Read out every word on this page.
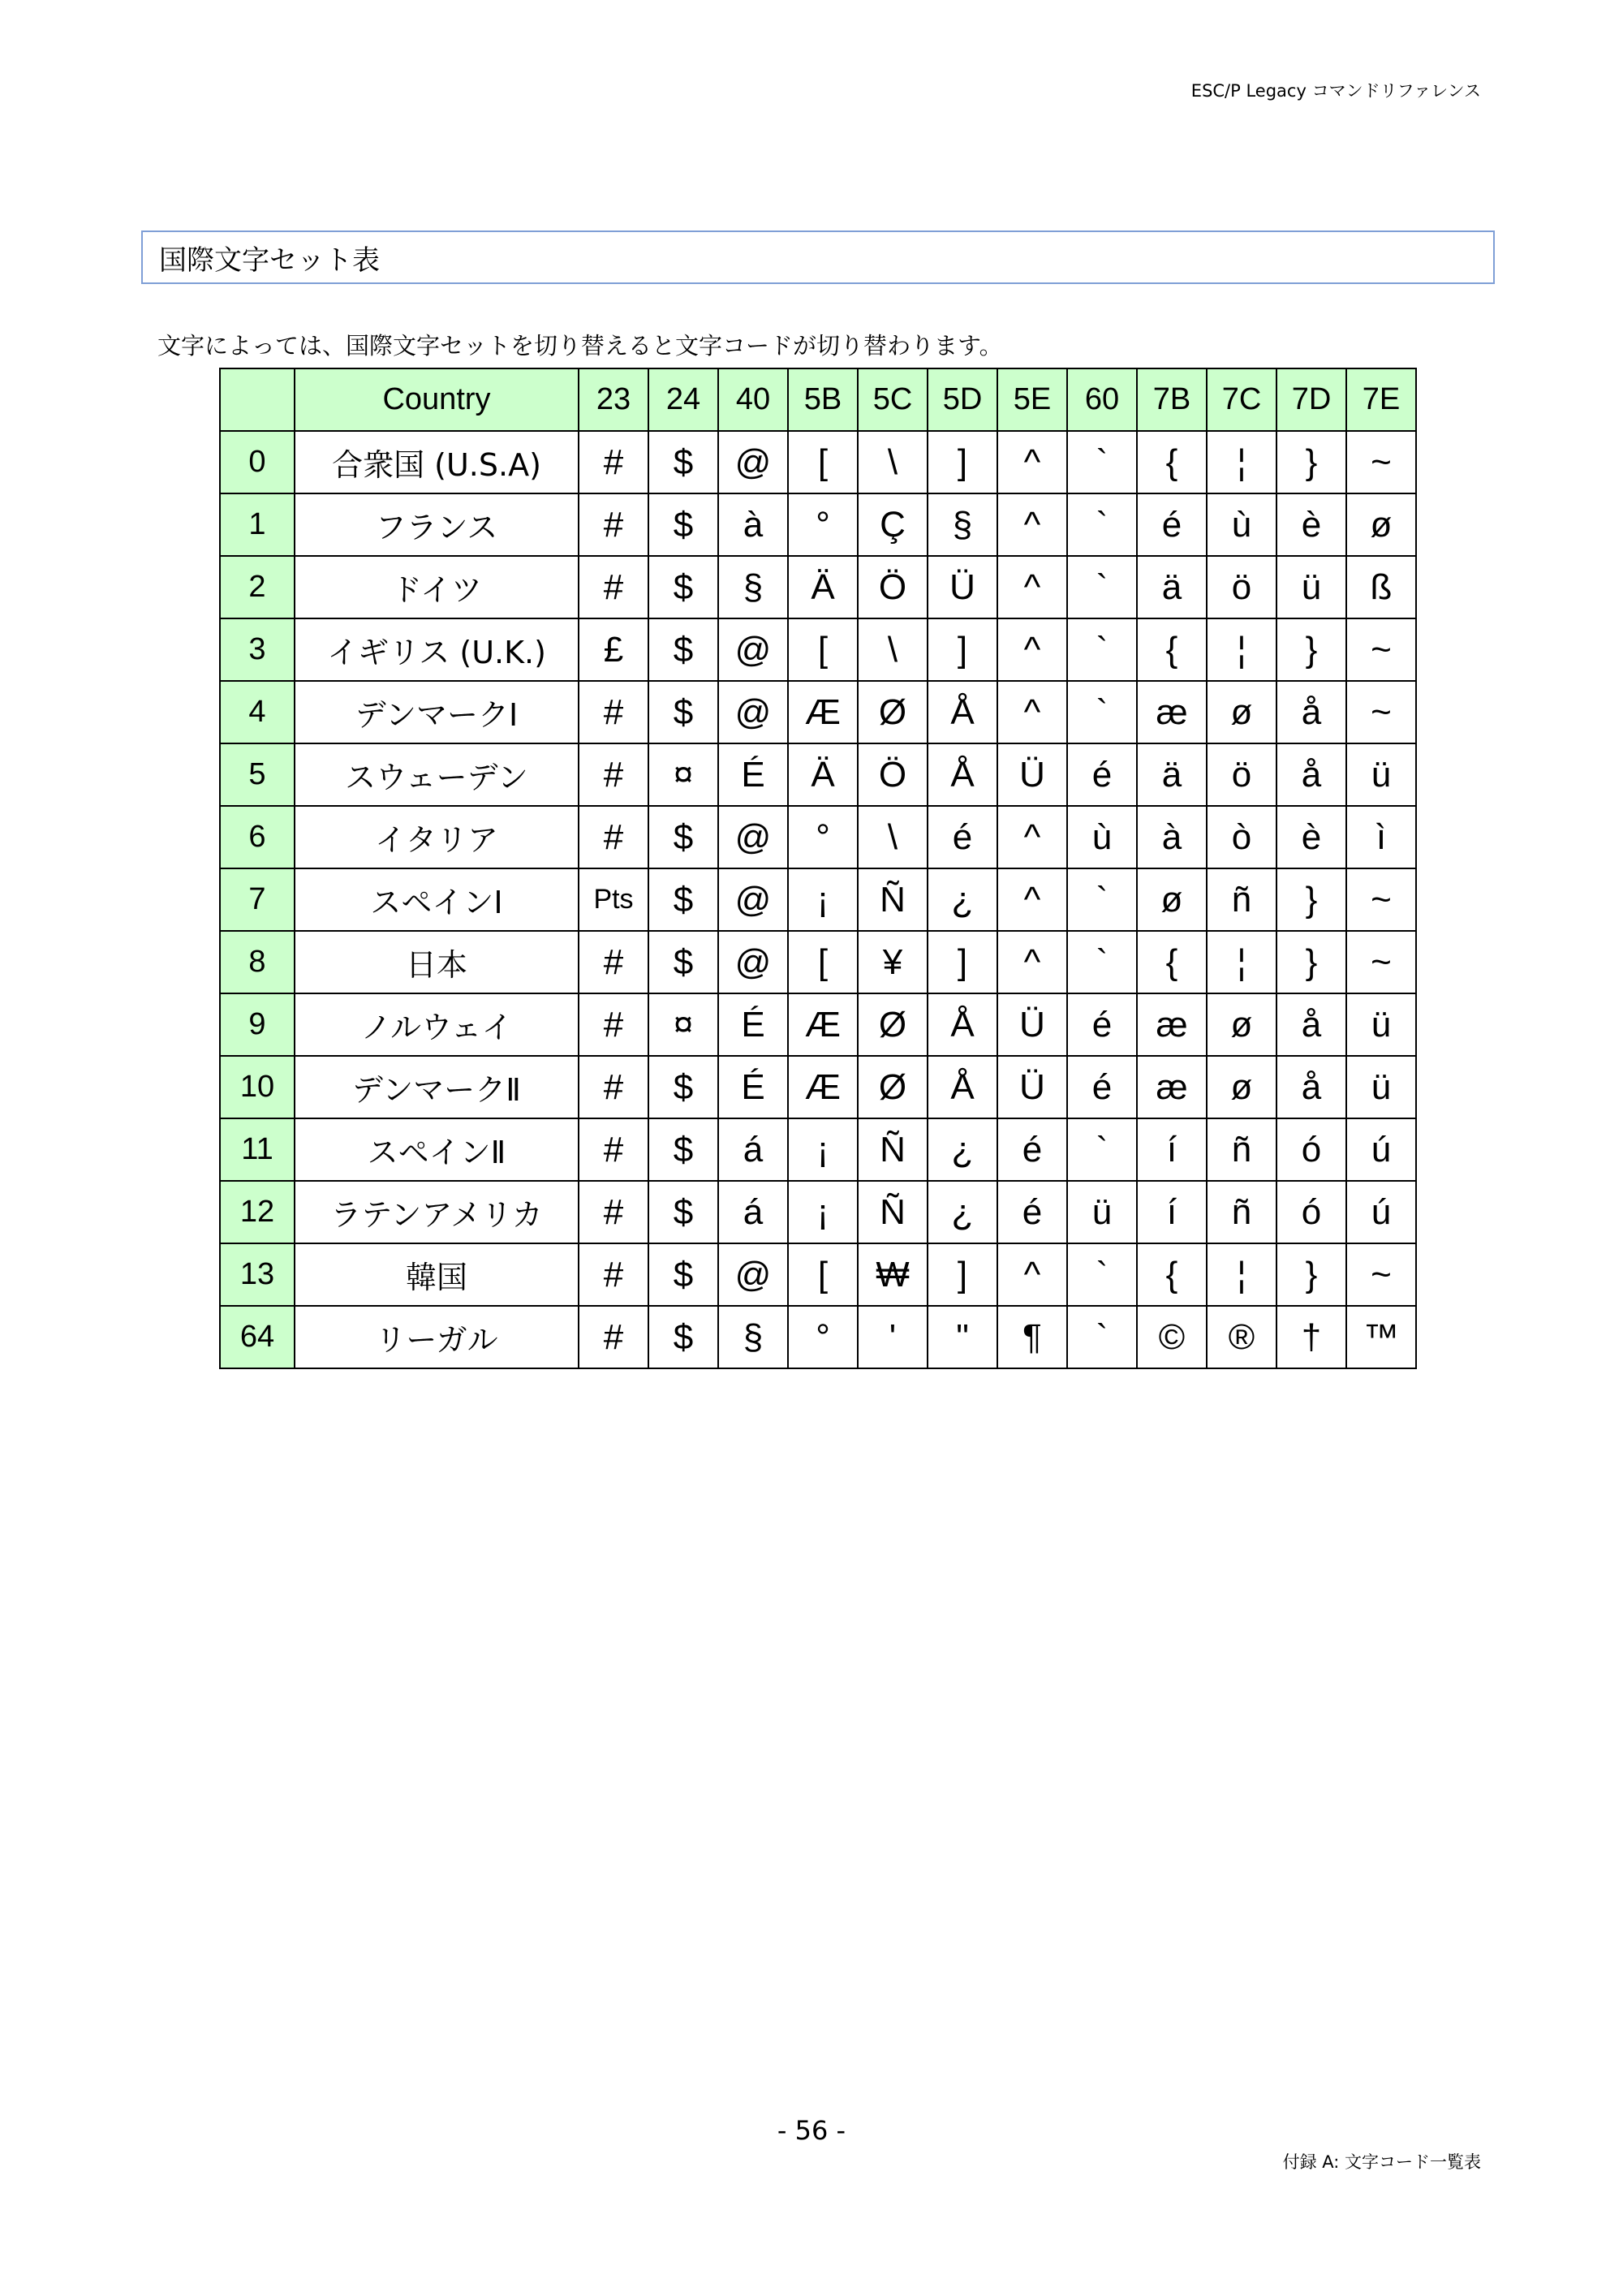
ESC/P Legacy コマンドリファレンス
国際文字セット表
文字によっては、国際文字セットを切り替えると文字コードが切り替わります。
	Country	23	24	40	5B	5C	5D	5E	60	7B	7C	7D	7E
0	合衆国 (U.S.A)	#	$	@	[	\	]	^	`	{	¦	}	~
1	フランス	#	$	à	°	Ç	§	^	`	é	ù	è	ø
2	ドイツ	#	$	§	Ä	Ö	Ü	^	`	ä	ö	ü	ß
3	イギリス (U.K.)	£	$	@	[	\	]	^	`	{	¦	}	~
4	デンマークⅠ	#	$	@	Æ	Ø	Å	^	`	æ	ø	å	~
5	スウェーデン	#	¤	É	Ä	Ö	Å	Ü	é	ä	ö	å	ü
6	イタリア	#	$	@	°	\	é	^	ù	à	ò	è	ì
7	スペインⅠ	Pts	$	@	¡	Ñ	¿	^	`	ø	ñ	}	~
8	日本	#	$	@	[	¥	]	^	`	{	¦	}	~
9	ノルウェイ	#	¤	É	Æ	Ø	Å	Ü	é	æ	ø	å	ü
10	デンマークⅡ	#	$	É	Æ	Ø	Å	Ü	é	æ	ø	å	ü
11	スペインⅡ	#	$	á	¡	Ñ	¿	é	`	í	ñ	ó	ú
12	ラテンアメリカ	#	$	á	¡	Ñ	¿	é	ü	í	ñ	ó	ú
13	韓国	#	$	@	[	₩	]	^	`	{	¦	}	~
64	リーガル	#	$	§	°	'	"	¶	`	©	®	†	™
- 56 -
付録 A: 文字コード一覧表
